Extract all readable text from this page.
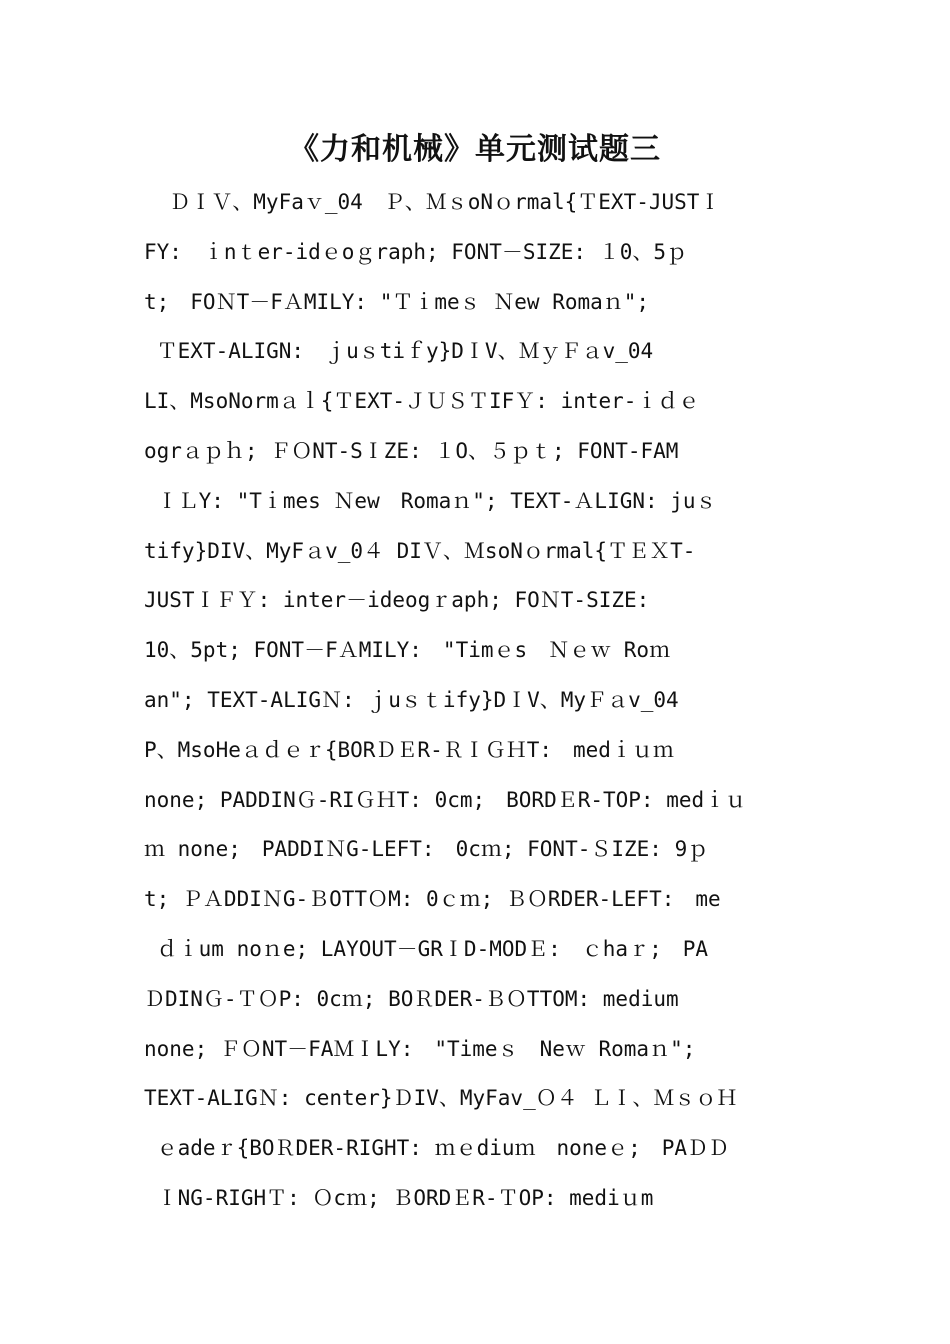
《力和机械》单元测试题三
ＤＩＶ、MyFaｖ_04　Ｐ、ＭｓoNｏrmal{ＴEXT-JUSTＩ
FY:　ｉnｔer-idｅoｇraph; FONT－SIZE: １0、5ｐ
t;　FOＮT－FＡMILY: "Ｔｉmeｓ Ｎew Romaｎ";
ＴEXT-ALIGN:　ｊuｓtiｆy}DＩV、ＭｙＦａv_04
LI、MsoNormａｌ{ＴEXT-ＪＵＳＴIFＹ: inter-ｉｄｅ
ogrａｐｈ; ＦＯNT-SＩZE: １О、５ｐｔ; FONT-FAM
ＩＬY: "Tｉmes Ｎew　Romaｎ"; TEXT-ＡLIGN: juｓ
tify}DIV、MyFａv_0４ DIＶ、ＭsoNｏrmal{ＴＥＸT-
JUSTＩＦＹ: inter－ideogｒaph; FOＮT-SIZE:
10、5pt; FONT－FＡMILY:　"Timｅs　Ｎｅｗ Roｍ
an"; TEXT-ALIGＮ: ｊuｓｔify}DＩV、MyＦａv_04
P、MsoHeａｄｅｒ{BORＤＥR-ＲＩＧＨT:　medｉｕｍ
none; PADDINＧ-RIＧＨT: 0cm;　BORDＥR-TOP: medｉｕ
ｍ none;　PADDIＮG-LEFT:　0cｍ; FONT-ＳIZE: 9ｐ
t; ＰＡDDIＮG-ＢOTTＯM: 0ｃｍ; ＢＯRDER-LEFT:　me
ｄｉum noｎe; LAYOUT－GRＩD-MODＥ:　ｃhaｒ;　PA
ＤDINＧ-ＴＯP: 0cｍ; BOＲDER-ＢＯTTOM: medium
none; ＦＯNT－FAＭＩLY:　"Timeｓ　Neｗ Romaｎ";
TEXT-ALIGＮ: center}ＤIV、MyFav_Ｏ４ ＬＩ、ＭｓｏＨ
ｅadeｒ{BOＲDER-RIGHT: ｍｅdiuｍ　noneｅ;　PAＤＤ
ＩNG-RIGHＴ: Ｏcｍ; ＢORDＥR-ＴOP: mediｕm
